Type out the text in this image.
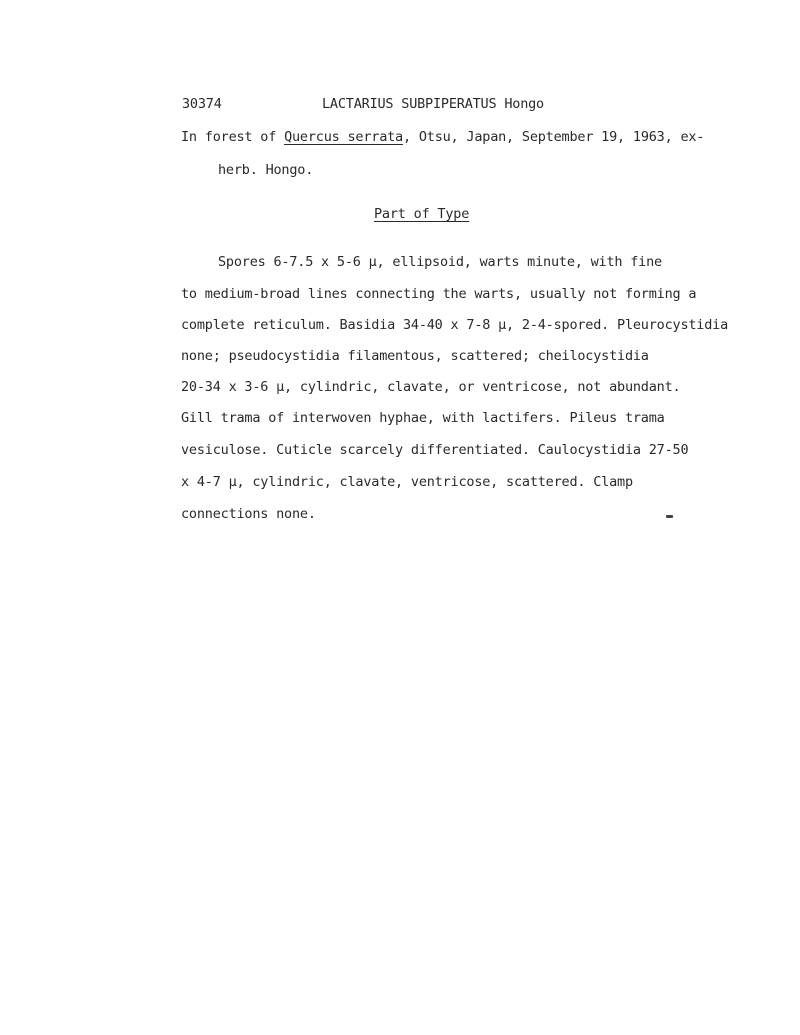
30374	LACTARIUS SUBPIPERATUS Hongo
In forest of Quercus serrata, Otsu, Japan, September 19, 1963, ex-
herb. Hongo.
Part of Type
Spores 6-7.5 x 5-6 µ, ellipsoid, warts minute, with fine
to medium-broad lines connecting the warts, usually not forming a
complete reticulum. Basidia 34-40 x 7-8 µ, 2-4-spored. Pleurocystidia
none; pseudocystidia filamentous, scattered; cheilocystidia
20-34 x 3-6 µ, cylindric, clavate, or ventricose, not abundant.
Gill trama of interwoven hyphae, with lactifers. Pileus trama
vesiculose. Cuticle scarcely differentiated. Caulocystidia 27-50
x 4-7 µ, cylindric, clavate, ventricose, scattered. Clamp
connections none.
